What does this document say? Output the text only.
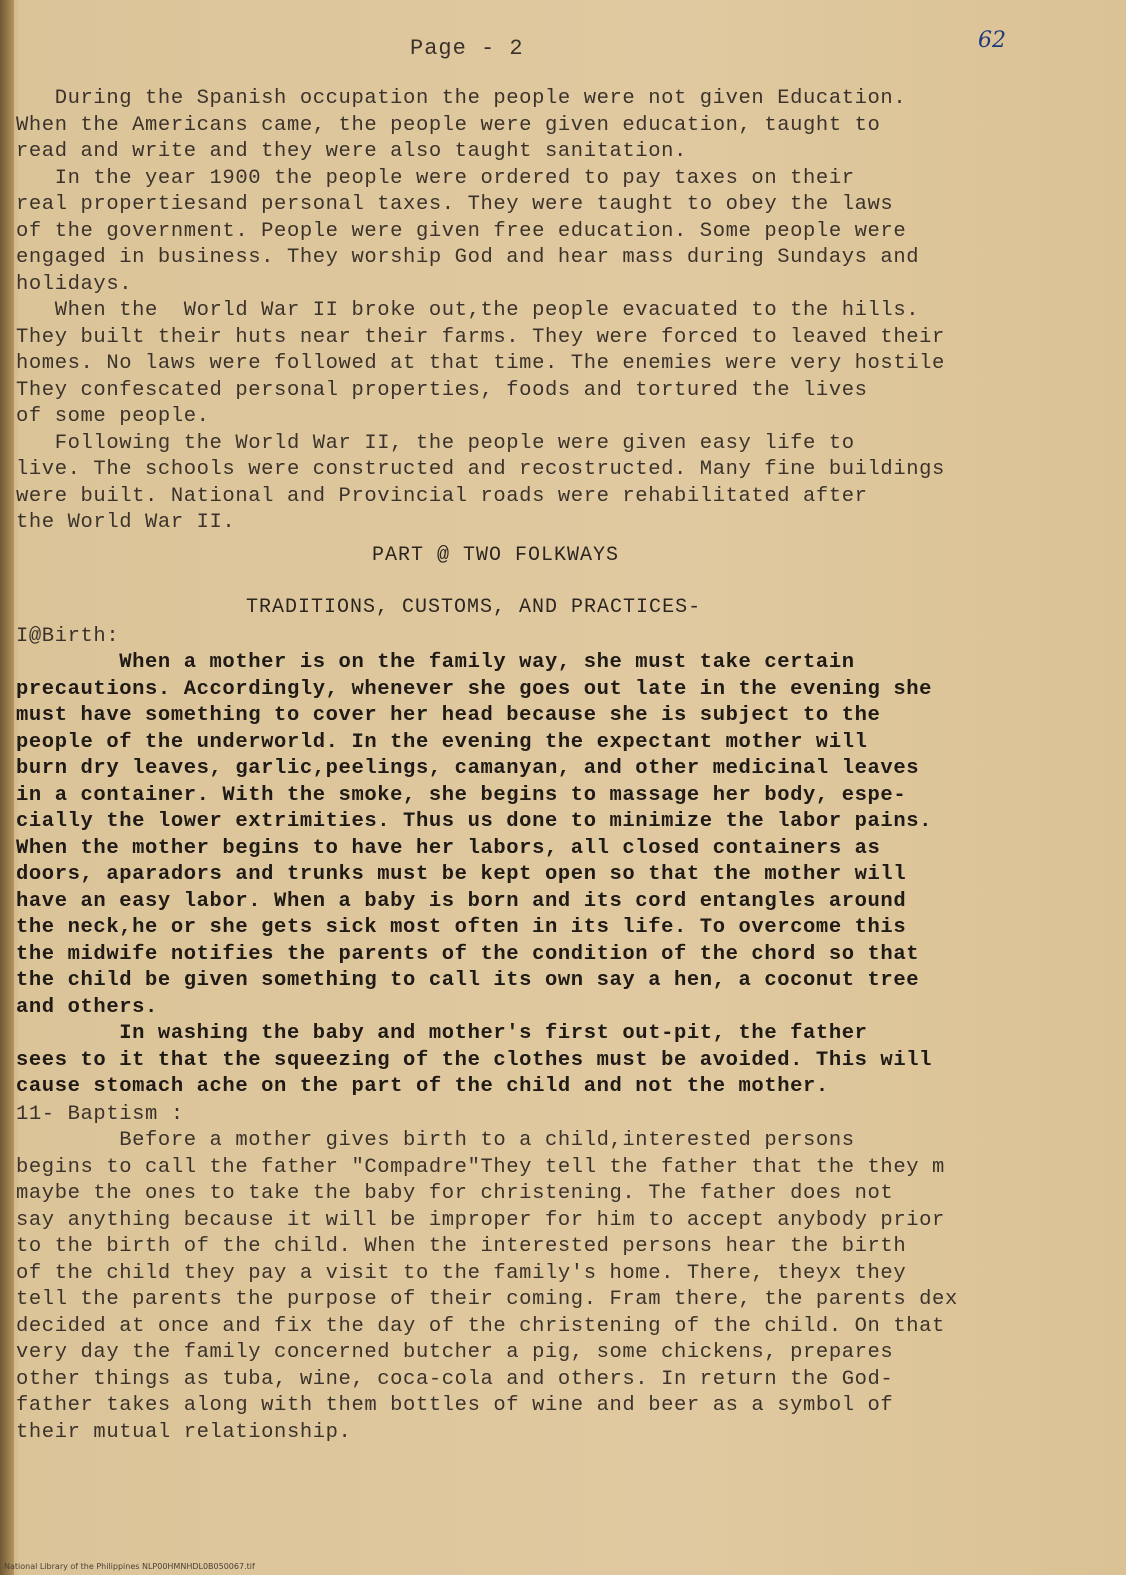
Page - 2	62
During the Spanish occupation the people were not given Education.
When the Americans came, the people were given education, taught to
read and write and they were also taught sanitation.
In the year 1900 the people were ordered to pay taxes on their
real propertiesand personal taxes. They were taught to obey the laws
of the government. People were given free education. Some people were
engaged in business. They worship God and hear mass during Sundays and
holidays.
When the  World War II broke out,the people evacuated to the hills.
They built their huts near their farms. They were forced to leaved their
homes. No laws were followed at that time. The enemies were very hostile
They confescated personal properties, foods and tortured the lives
of some people.
Following the World War II, the people were given easy life to
live. The schools were constructed and recostructed. Many fine buildings
were built. National and Provincial roads were rehabilitated after
the World War II.
PART @ TWO FOLKWAYS
TRADITIONS, CUSTOMS, AND PRACTICES-
I@Birth:
When a mother is on the family way, she must take certain
precautions. Accordingly, whenever she goes out late in the evening she
must have something to cover her head because she is subject to the
people of the underworld. In the evening the expectant mother will
burn dry leaves, garlic,peelings, camanyan, and other medicinal leaves
in a container. With the smoke, she begins to massage her body, espe-
cially the lower extrimities. Thus us done to minimize the labor pains.
When the mother begins to have her labors, all closed containers as
doors, aparadors and trunks must be kept open so that the mother will
have an easy labor. When a baby is born and its cord entangles around
the neck,he or she gets sick most often in its life. To overcome this
the midwife notifies the parents of the condition of the chord so that
the child be given something to call its own say a hen, a coconut tree
and others.
In washing the baby and mother's first out-pit, the father
sees to it that the squeezing of the clothes must be avoided. This will
cause stomach ache on the part of the child and not the mother.
11- Baptism :
Before a mother gives birth to a child,interested persons
begins to call the father "Compadre"They tell the father that the they m
maybe the ones to take the baby for christening. The father does not
say anything because it will be improper for him to accept anybody prior
to the birth of the child. When the interested persons hear the birth
of the child they pay a visit to the family's home. There, theyx they
tell the parents the purpose of their coming. Fram there, the parents dex
decided at once and fix the day of the christening of the child. On that
very day the family concerned butcher a pig, some chickens, prepares
other things as tuba, wine, coca-cola and others. In return the God-
father takes along with them bottles of wine and beer as a symbol of
their mutual relationship.
National Library of the Philippines NLP00HMNHDL0B050067.tif
